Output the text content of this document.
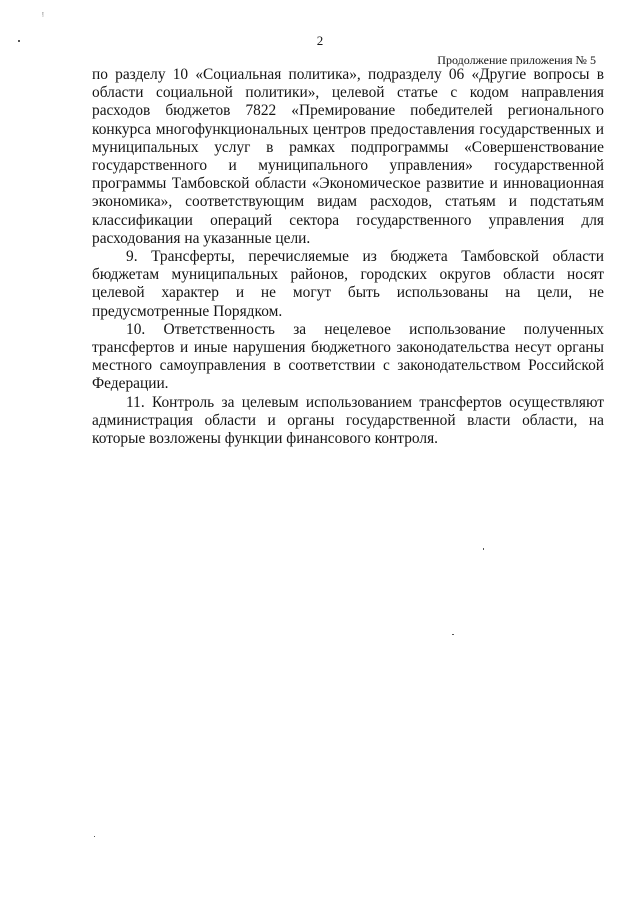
ᵎ
2
Продолжение приложения № 5

по разделу 10 «Социальная политика», подразделу 06 «Другие вопросы в области социальной политики», целевой статье с кодом направления расходов бюджетов 7822 «Премирование победителей регионального конкурса многофункциональных центров предоставления государственных и муниципальных услуг в рамках подпрограммы «Совершенствование государственного и муниципального управления» государственной программы Тамбовской области «Экономическое развитие и инновационная экономика», соответствующим видам расходов, статьям и подстатьям классификации операций сектора государственного управления для расходования на указанные цели.

9. Трансферты, перечисляемые из бюджета Тамбовской области бюджетам муниципальных районов, городских округов области носят целевой характер и не могут быть использованы на цели, не предусмотренные Порядком.

10. Ответственность за нецелевое использование полученных трансфертов и иные нарушения бюджетного законодательства несут органы местного самоуправления в соответствии с законодательством Российской Федерации.

11. Контроль за целевым использованием трансфертов осуществляют администрация области и органы государственной власти области, на которые возложены функции финансового контроля.
